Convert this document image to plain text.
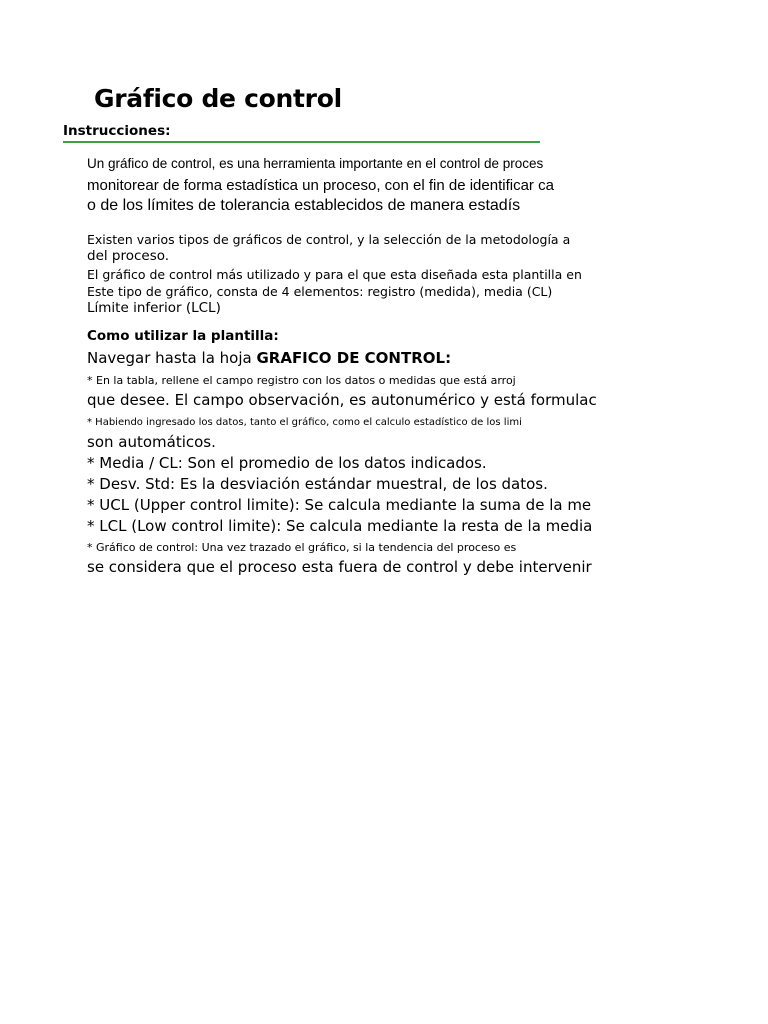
Gráfico de control
Instrucciones:
Un gráfico de control, es una herramienta importante en el control de proces
monitorear de forma estadística un proceso, con el fin de identificar ca
o de los límites de tolerancia establecidos de manera estadís
Existen varios tipos de gráficos de control, y la selección de la metodología a
del proceso.
El gráfico de control más utilizado y para el que esta diseñada esta plantilla en
Este tipo de gráfico, consta de 4 elementos: registro (medida), media (CL)
Límite inferior (LCL)
Como utilizar la plantilla:
Navegar hasta la hoja GRAFICO DE CONTROL:
* En la tabla, rellene el campo registro con los datos o medidas que está arroj
que desee. El campo observación, es autonumérico y está formulac
* Habiendo ingresado los datos, tanto el gráfico, como el calculo estadístico de los limi
son automáticos.
* Media / CL: Son el promedio de los datos indicados.
* Desv. Std: Es la desviación estándar muestral, de los datos.
* UCL (Upper control limite): Se calcula mediante la suma de la me
* LCL (Low control limite): Se calcula mediante la resta de la media
* Gráfico de control: Una vez trazado el gráfico, si la tendencia del proceso es
se considera que el proceso esta fuera de control y debe intervenir
